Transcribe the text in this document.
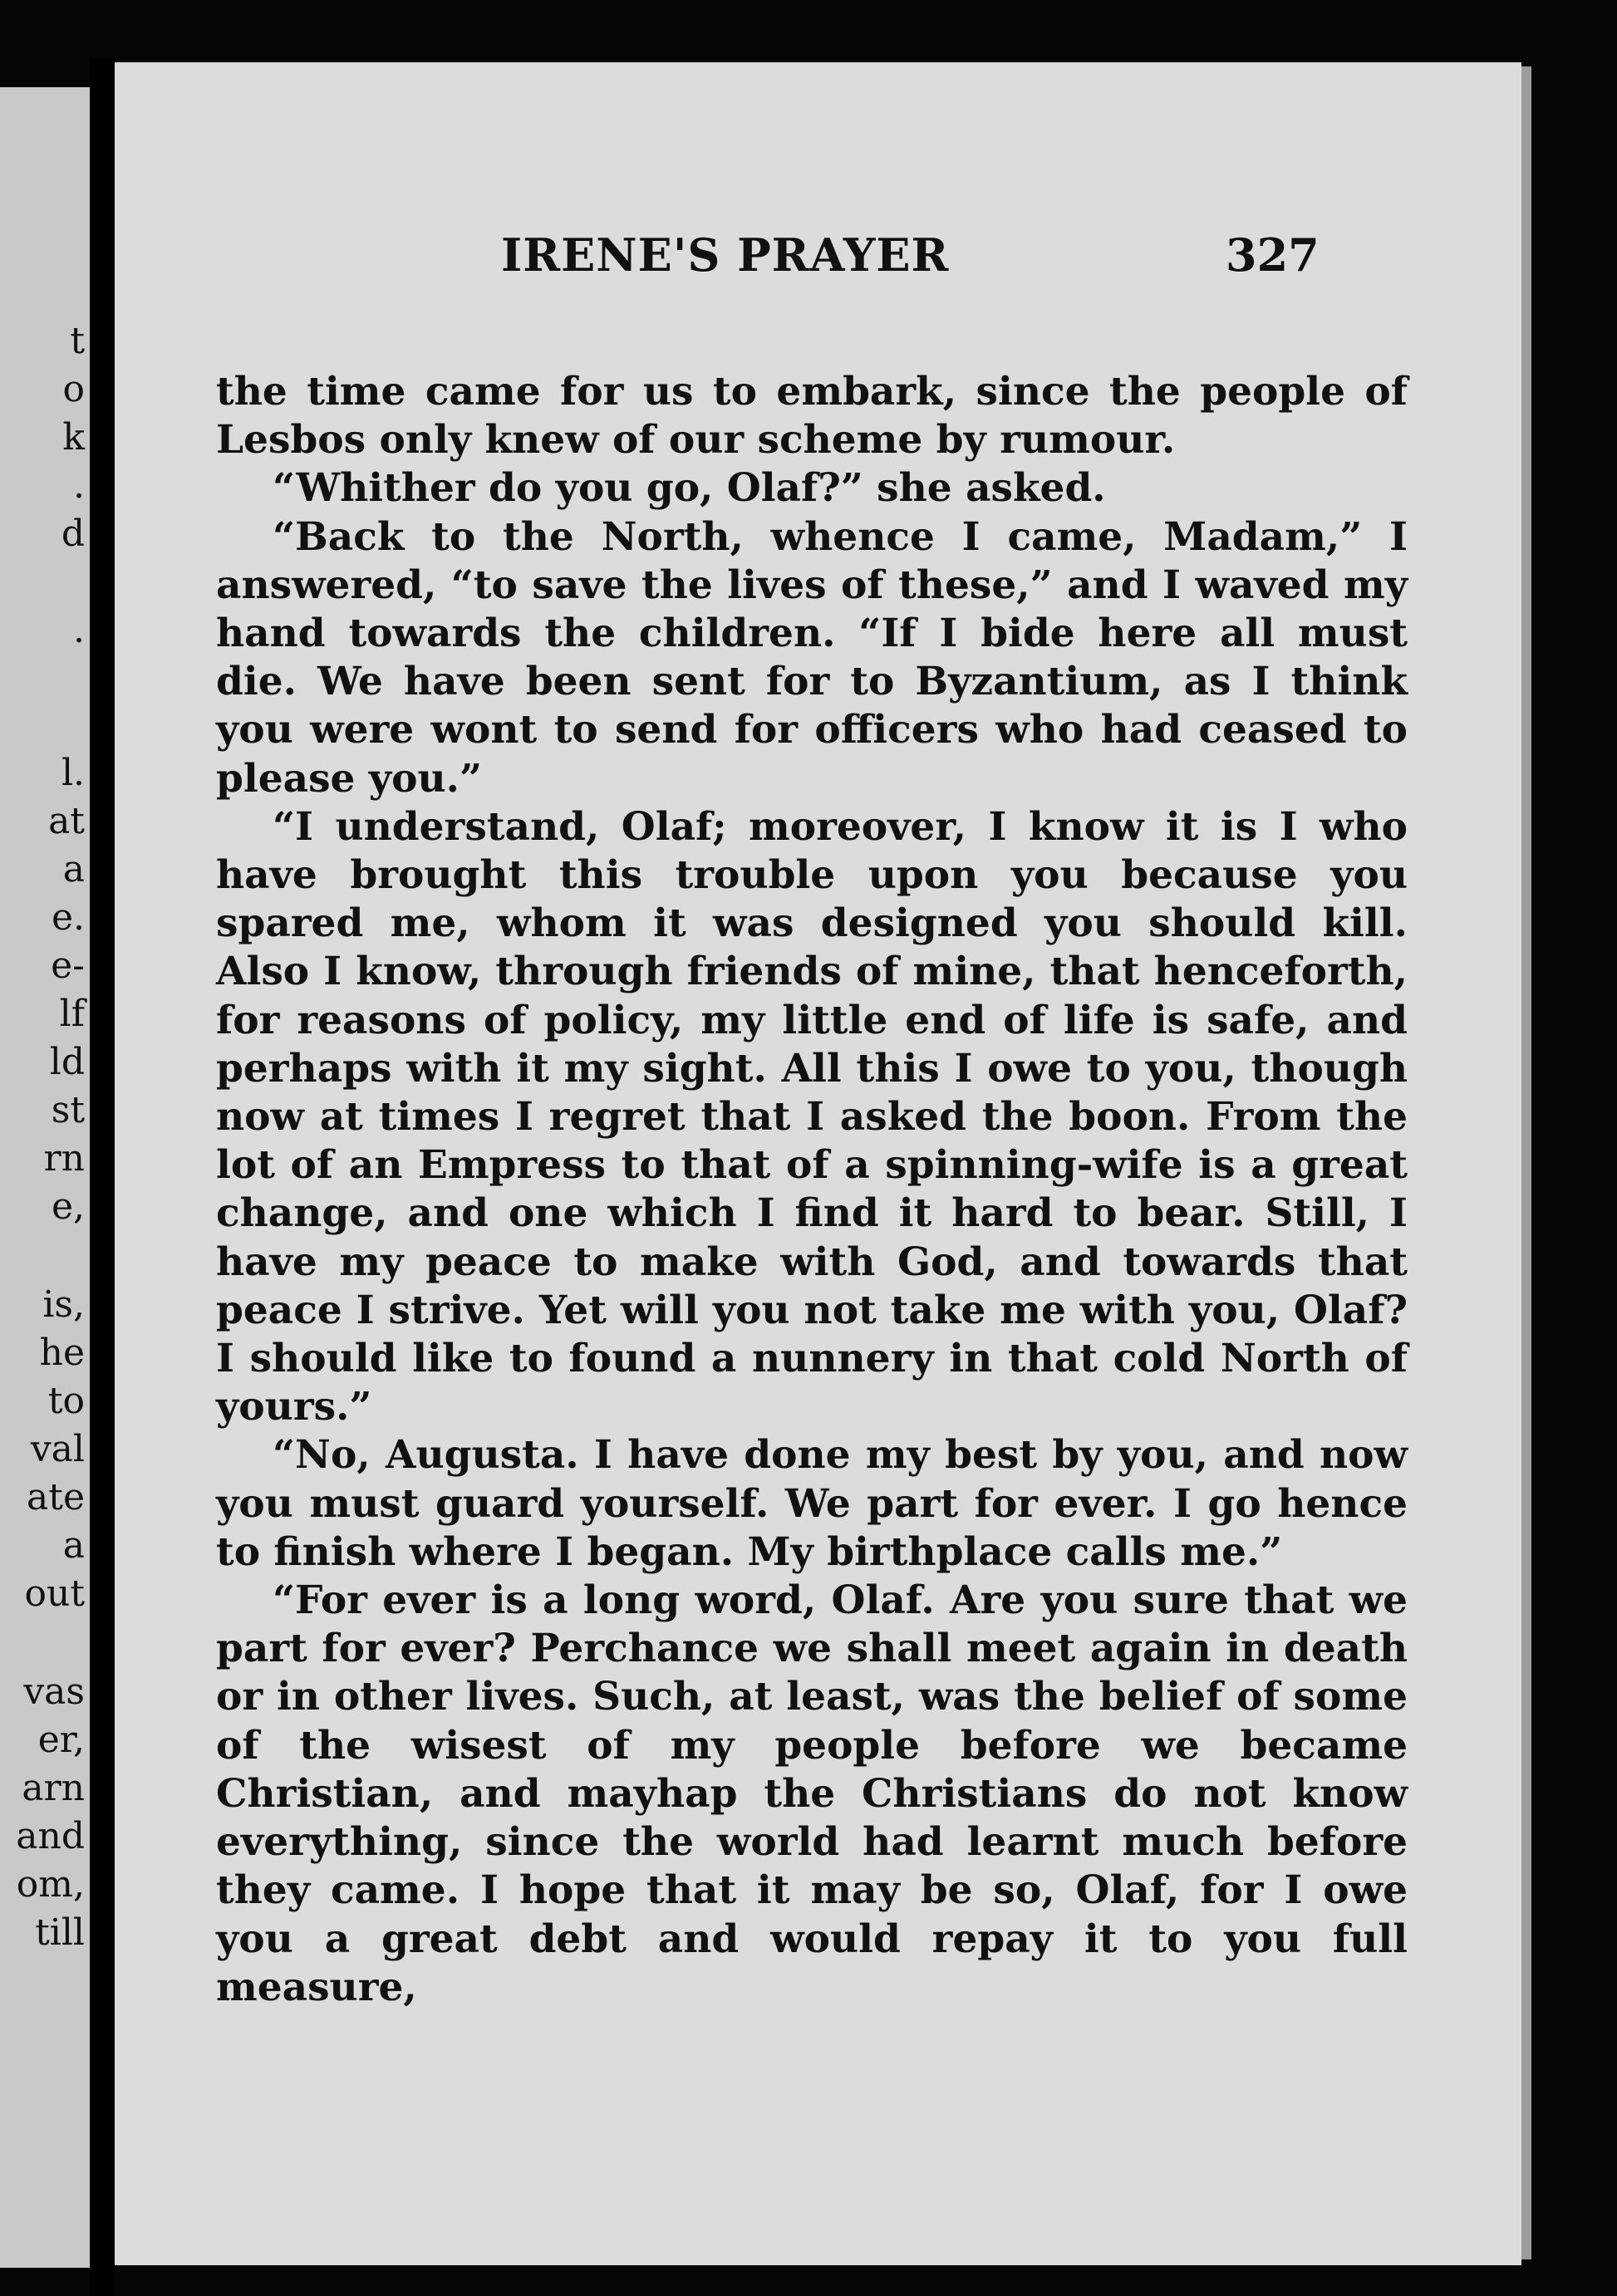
t
o
k
.
d
.
l.
at
a
e.
e-
lf
ld
st
rn
e,
is,
he
to
val
ate
a
out
vas
er,
arn
and
om,
till
IRENE'S PRAYER	327

the time came for us to embark, since the people of Lesbos only knew of our scheme by rumour.

“Whither do you go, Olaf?” she asked.

“Back to the North, whence I came, Madam,” I answered, “to save the lives of these,” and I waved my hand towards the children. “If I bide here all must die. We have been sent for to Byzantium, as I think you were wont to send for officers who had ceased to please you.”

“I understand, Olaf; moreover, I know it is I who have brought this trouble upon you because you spared me, whom it was designed you should kill. Also I know, through friends of mine, that henceforth, for reasons of policy, my little end of life is safe, and perhaps with it my sight. All this I owe to you, though now at times I regret that I asked the boon. From the lot of an Empress to that of a spinning-wife is a great change, and one which I find it hard to bear. Still, I have my peace to make with God, and towards that peace I strive. Yet will you not take me with you, Olaf? I should like to found a nunnery in that cold North of yours.”

“No, Augusta. I have done my best by you, and now you must guard yourself. We part for ever. I go hence to finish where I began. My birthplace calls me.”

“For ever is a long word, Olaf. Are you sure that we part for ever? Perchance we shall meet again in death or in other lives. Such, at least, was the belief of some of the wisest of my people before we became Christian, and mayhap the Christians do not know everything, since the world had learnt much before they came. I hope that it may be so, Olaf, for I owe you a great debt and would repay it to you full measure,
